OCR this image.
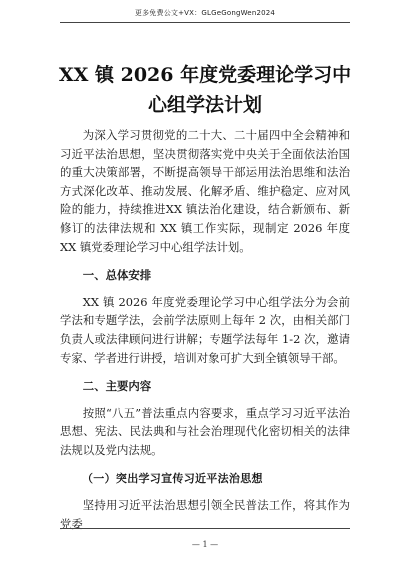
更多免费公文+VX：GLGeGongWen2024
XX 镇 2026 年度党委理论学习中心组学法计划

为深入学习贯彻党的二十大、二十届四中全会精神和习近平法治思想，坚决贯彻落实党中央关于全面依法治国的重大决策部署，不断提高领导干部运用法治思维和法治方式深化改革、推动发展、化解矛盾、维护稳定、应对风险的能力，持续推进XX 镇法治化建设，结合新颁布、新修订的法律法规和 XX 镇工作实际，现制定 2026 年度 XX 镇党委理论学习中心组学法计划。

一、总体安排

XX 镇 2026 年度党委理论学习中心组学法分为会前学法和专题学法，会前学法原则上每年 2 次，由相关部门负责人或法律顾问进行讲解；专题学法每年 1-2 次，邀请专家、学者进行讲授，培训对象可扩大到全镇领导干部。

二、主要内容

按照“八五”普法重点内容要求，重点学习习近平法治思想、宪法、民法典和与社会治理现代化密切相关的法律法规以及党内法规。

（一）突出学习宣传习近平法治思想

坚持用习近平法治思想引领全民普法工作，将其作为党委

— 1 —
